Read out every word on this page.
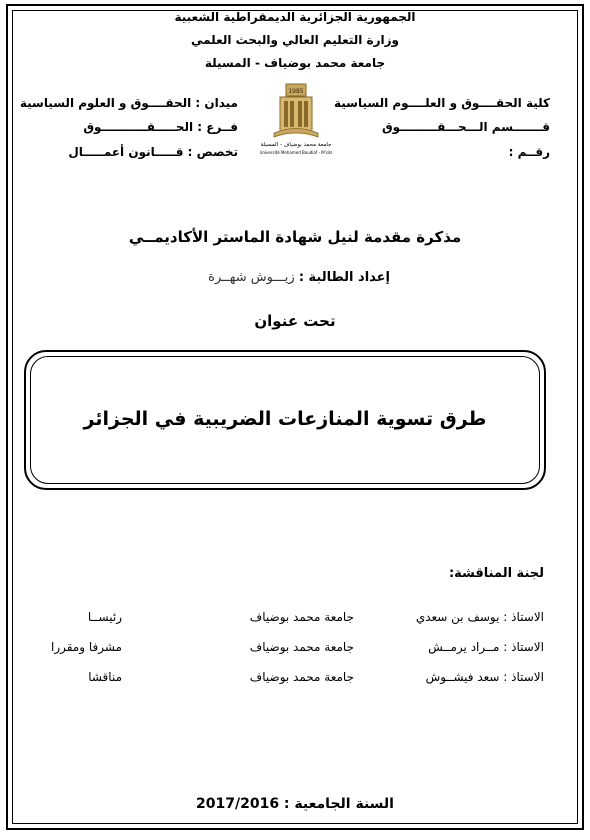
الجمهورية الجزائرية الديمقراطية الشعبية
وزارة التعليم العالي والبحث العلمي
جامعة محمد بوضياف - المسيلة
كلية الحقــــوق و العلــــوم السياسية
قـــــــسم الـــحـــقـــــــــوق
رقــم :
ميدان : الحقــــوق و العلوم السياسية
فــرع : الحـــــقـــــــــــوق
تخصص : قـــــانون أعمـــــال
1985
جامعة محمد بوضياف - المسيلة
Université Mohamed Boudiaf - M'sila
مذكرة مقدمة لنيل شهادة الماستر الأكاديمــي
إعداد الطالبة : زيـــوش شهــرة
تحت عنوان
طرق تسوية المنازعات الضريبية في الجزائر
لجنة المناقشة:
الاستاذ : يوسف بن سعدي
جامعة محمد بوضياف
رئيســا
الاستاذ : مــراد يرمــش
جامعة محمد بوضياف
مشرفا ومقررا
الاستاذ : سعد فيشــوش
جامعة محمد بوضياف
مناقشا
السنة الجامعية : 2017/2016
